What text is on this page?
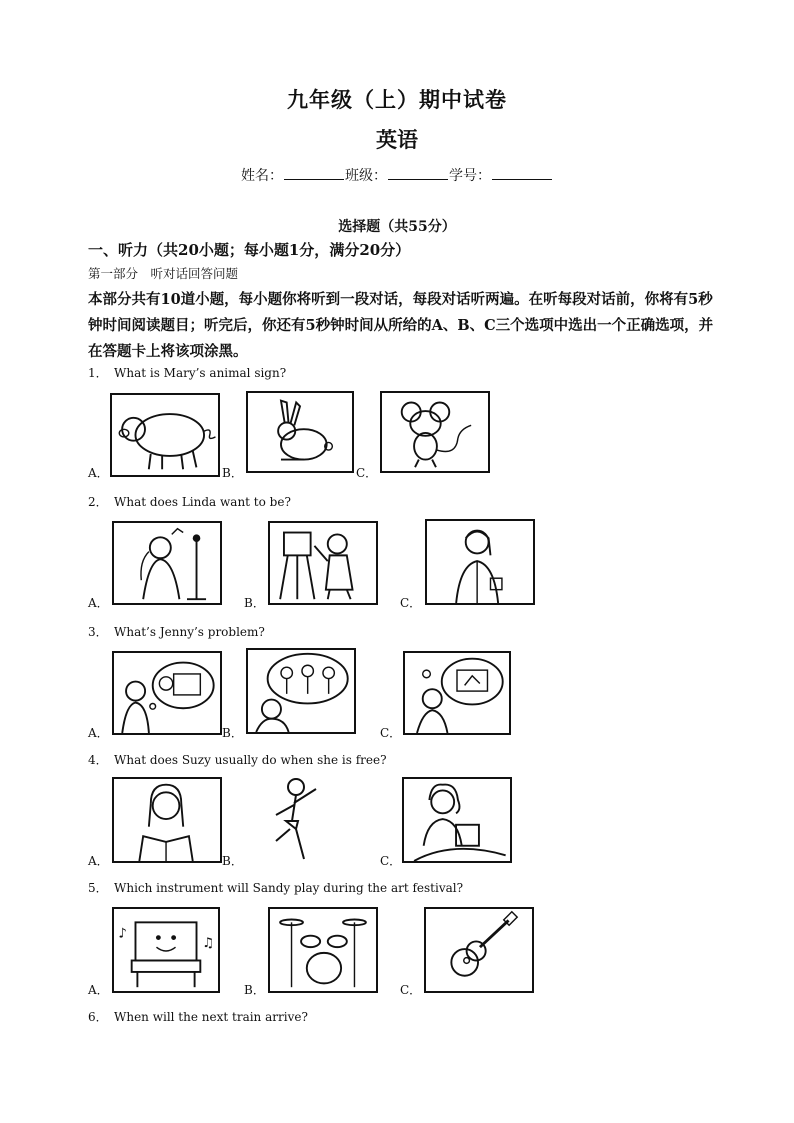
九年级（上）期中试卷
英语
姓名：	班级：	学号：
选择题（共55分）
一、听力（共20小题；每小题1分，满分20分）
第一部分　听对话回答问题
本部分共有10道小题，每小题你将听到一段对话，每段对话听两遍。在听每段对话前，你将有5秒钟时间阅读题目；听完后，你还有5秒钟时间从所给的A、B、C三个选项中选出一个正确选项，并在答题卡上将该项涂黑。
1． What is Mary’s animal sign?
A．	B．	C．
2． What does Linda want to be?
A．	B．	C．
3． What’s Jenny’s problem?
A．	B．	C．
4． What does Suzy usually do when she is free?
A．	B．	C．
5． Which instrument will Sandy play during the art festival?
A．
♪
♫
B．	C．
6． When will the next train arrive?
